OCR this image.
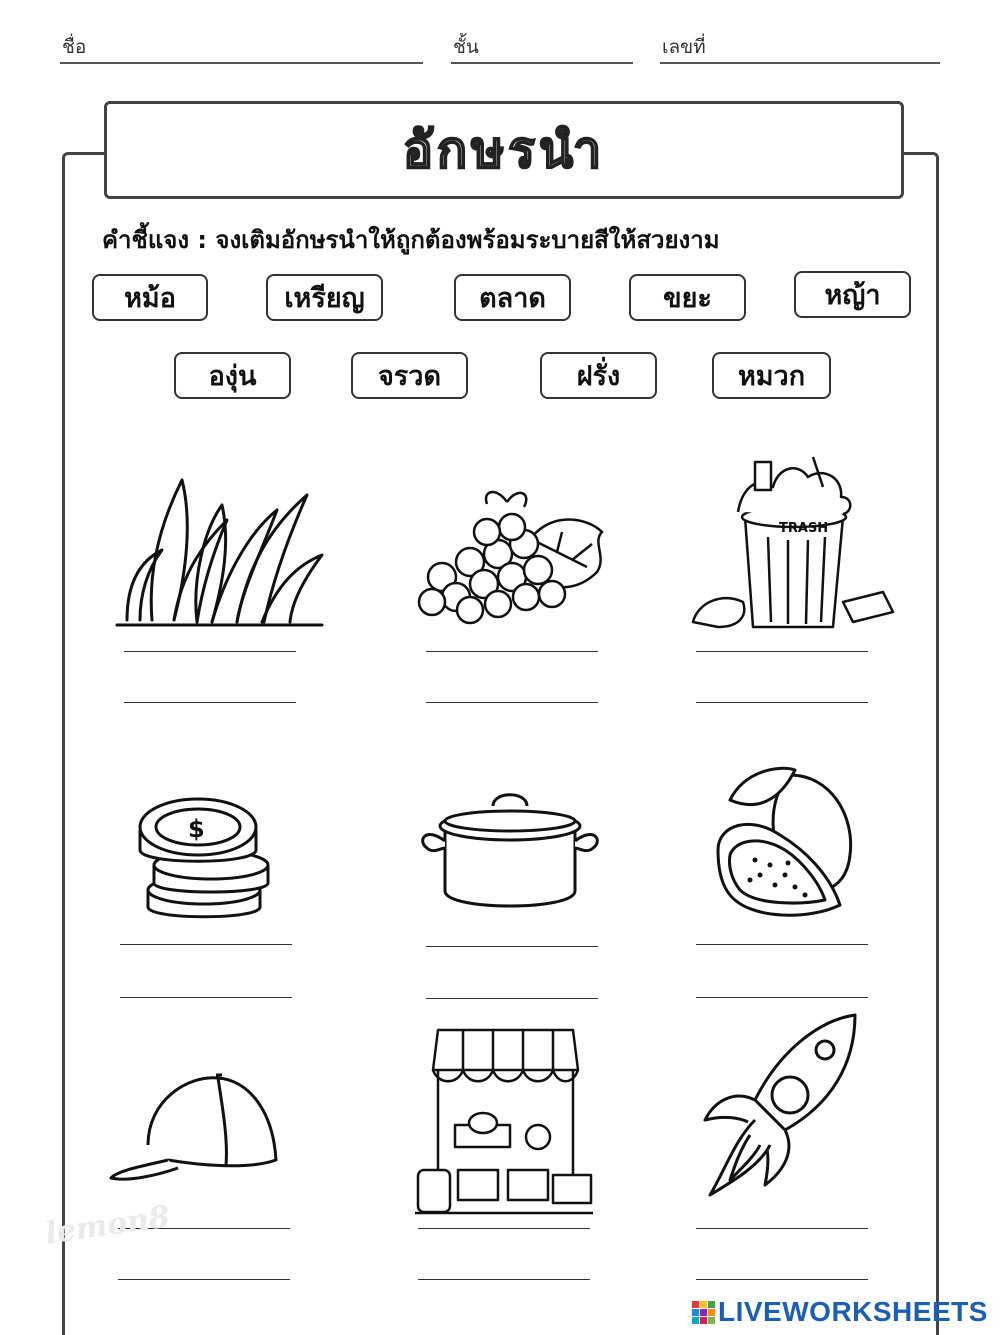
ชื่อ	ชั้น	เลขที่
อักษรนำ
คำชี้แจง : จงเติมอักษรนำให้ถูกต้องพร้อมระบายสีให้สวยงาม
หม้อ	เหรียญ	ตลาด	ขยะ	หญ้า
องุ่น	จรวด	ฝรั่ง	หมวก
TRASH
$
lemon8
LIVEWORKSHEETS
